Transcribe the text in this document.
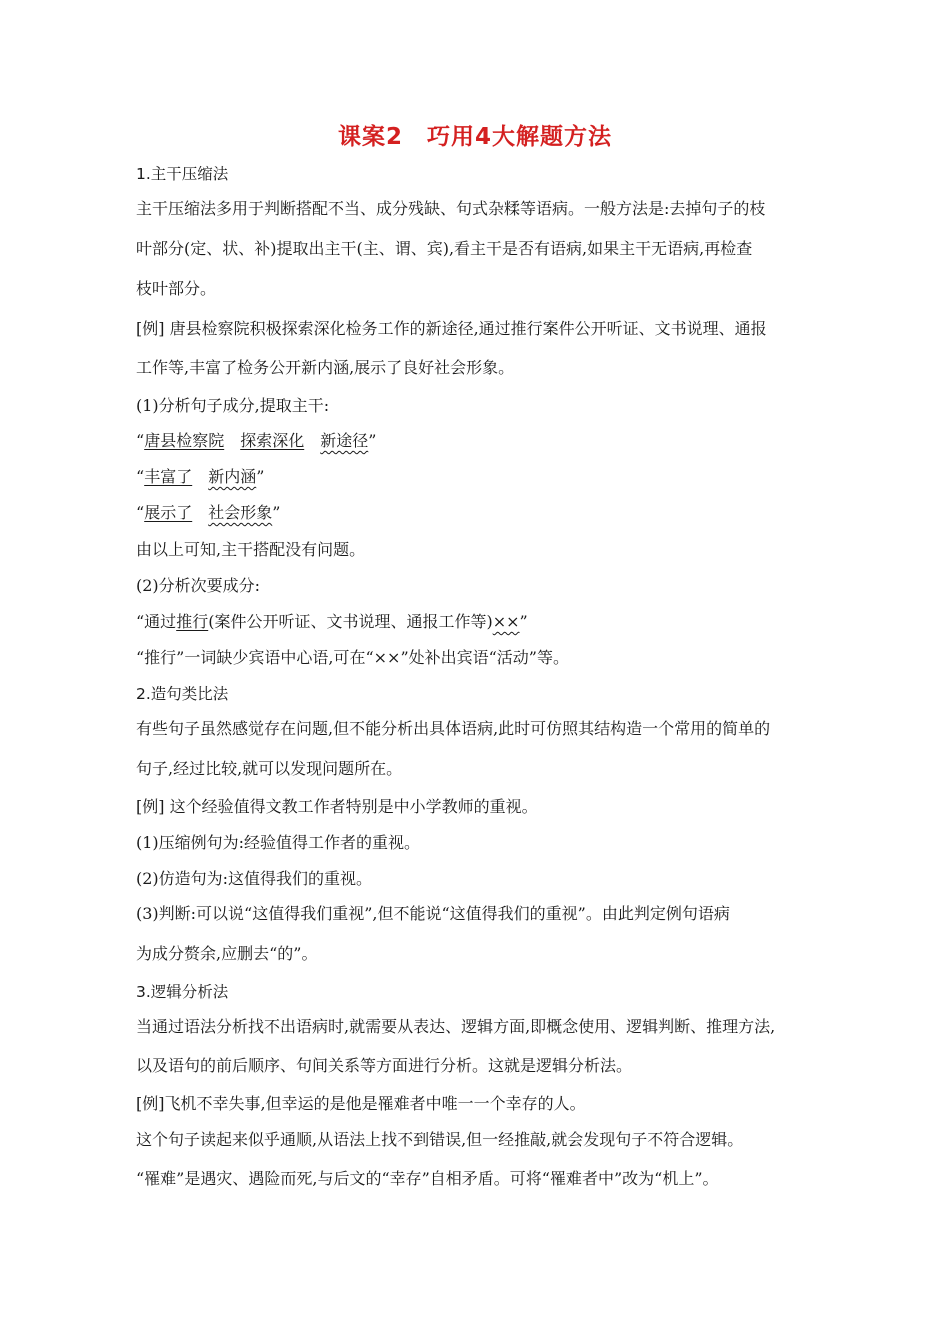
课案2　巧用4大解题方法
1.主干压缩法
主干压缩法多用于判断搭配不当、成分残缺、句式杂糅等语病。一般方法是:去掉句子的枝
叶部分(定、状、补)提取出主干(主、谓、宾),看主干是否有语病,如果主干无语病,再检查
枝叶部分。
[例] 唐县检察院积极探索深化检务工作的新途径,通过推行案件公开听证、文书说理、通报
工作等,丰富了检务公开新内涵,展示了良好社会形象。
(1)分析句子成分,提取主干:
“唐县检察院 探索深化 新途径”
“丰富了 新内涵”
“展示了 社会形象”
由以上可知,主干搭配没有问题。
(2)分析次要成分:
“通过推行(案件公开听证、文书说理、通报工作等)××”
“推行”一词缺少宾语中心语,可在“××”处补出宾语“活动”等。
2.造句类比法
有些句子虽然感觉存在问题,但不能分析出具体语病,此时可仿照其结构造一个常用的简单的
句子,经过比较,就可以发现问题所在。
[例] 这个经验值得文教工作者特别是中小学教师的重视。
(1)压缩例句为:经验值得工作者的重视。
(2)仿造句为:这值得我们的重视。
(3)判断:可以说“这值得我们重视”,但不能说“这值得我们的重视”。由此判定例句语病
为成分赘余,应删去“的”。
3.逻辑分析法
当通过语法分析找不出语病时,就需要从表达、逻辑方面,即概念使用、逻辑判断、推理方法,
以及语句的前后顺序、句间关系等方面进行分析。这就是逻辑分析法。
[例]飞机不幸失事,但幸运的是他是罹难者中唯一一个幸存的人。
这个句子读起来似乎通顺,从语法上找不到错误,但一经推敲,就会发现句子不符合逻辑。
“罹难”是遇灾、遇险而死,与后文的“幸存”自相矛盾。可将“罹难者中”改为“机上”。
